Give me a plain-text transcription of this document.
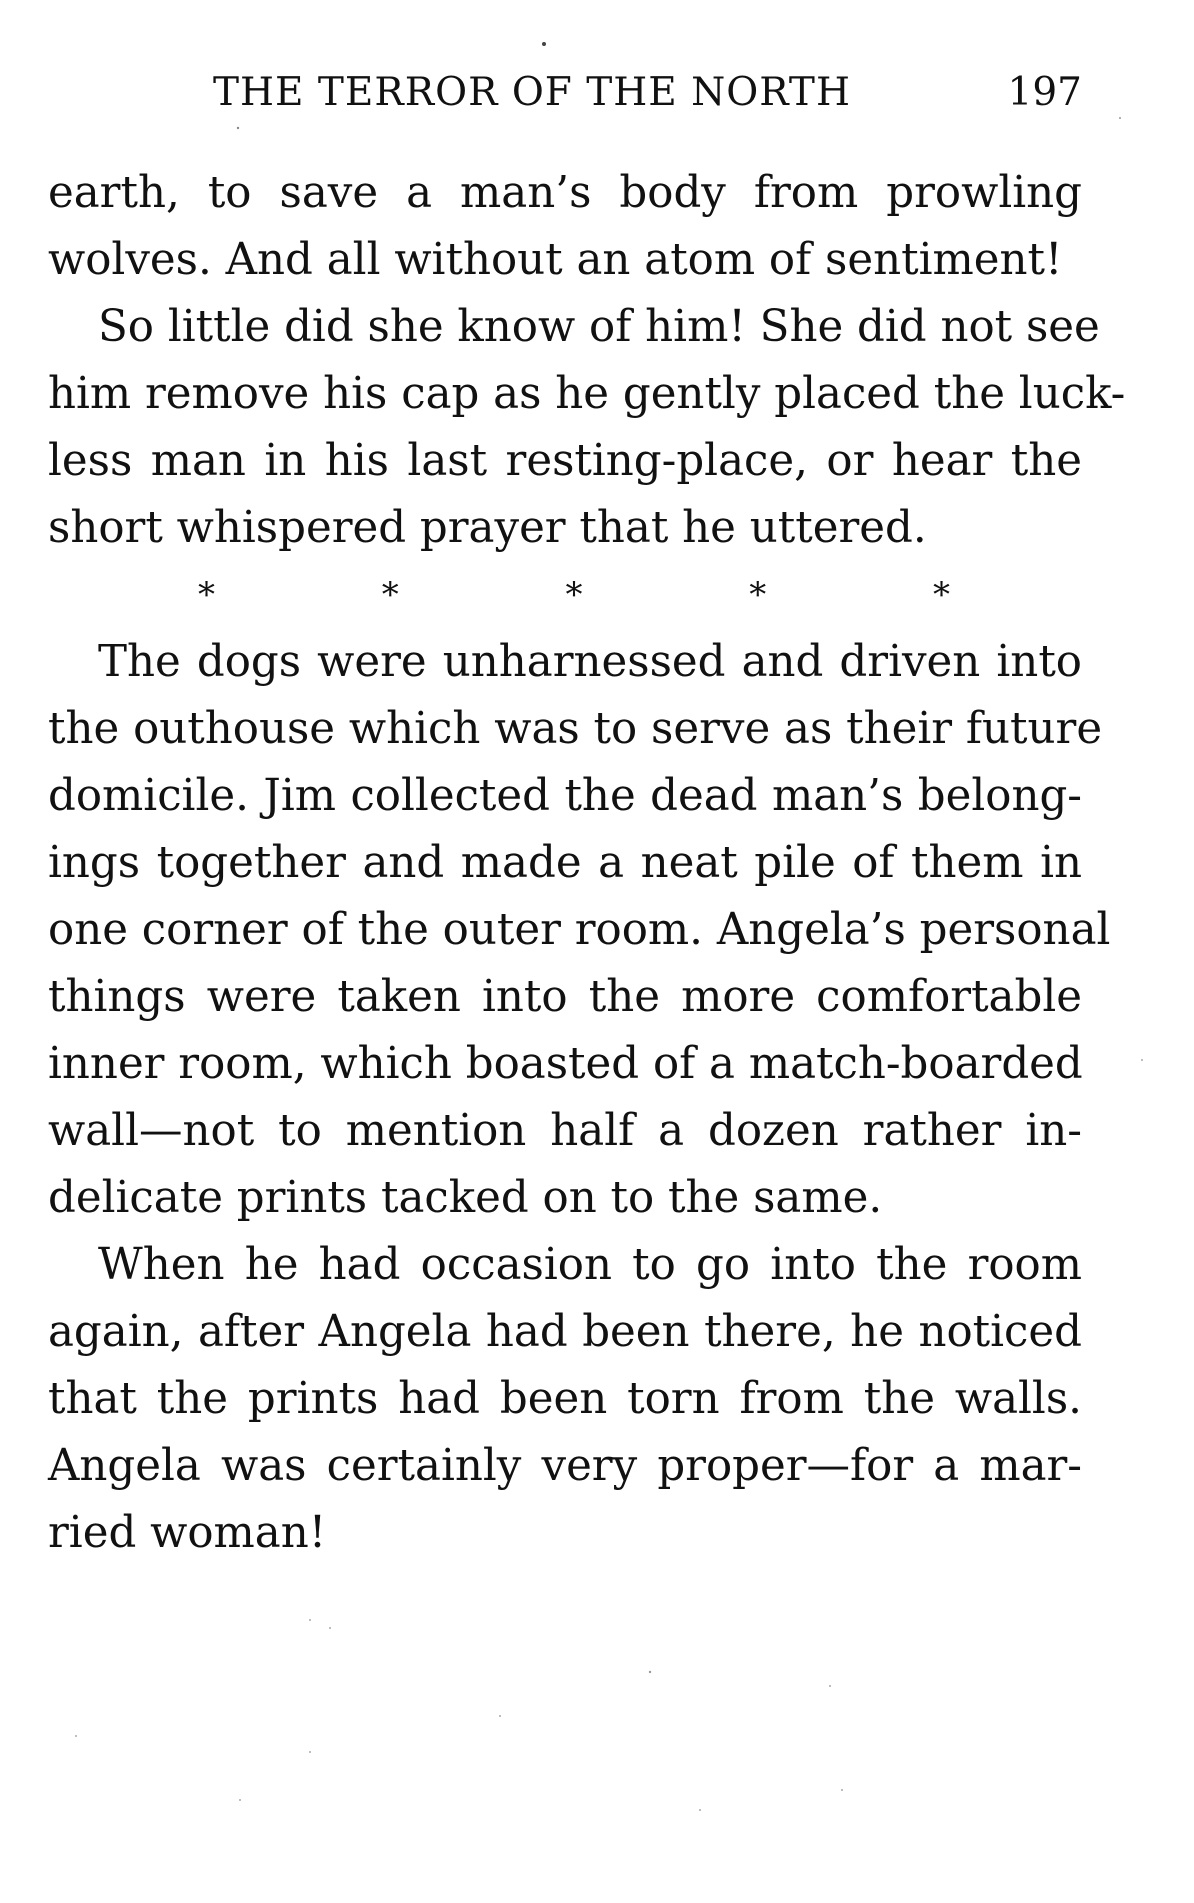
THE TERROR OF THE NORTH	197
earth, to save a man’s body from prowling
wolves. And all without an atom of sentiment!
So little did she know of him! She did not see
him remove his cap as he gently placed the luck-
less man in his last resting-place, or hear the
short whispered prayer that he uttered.
*	*	*	*	*
The dogs were unharnessed and driven into
the outhouse which was to serve as their future
domicile. Jim collected the dead man’s belong-
ings together and made a neat pile of them in
one corner of the outer room. Angela’s personal
things were taken into the more comfortable
inner room, which boasted of a match-boarded
wall—not to mention half a dozen rather in-
delicate prints tacked on to the same.
When he had occasion to go into the room
again, after Angela had been there, he noticed
that the prints had been torn from the walls.
Angela was certainly very proper—for a mar-
ried woman!
